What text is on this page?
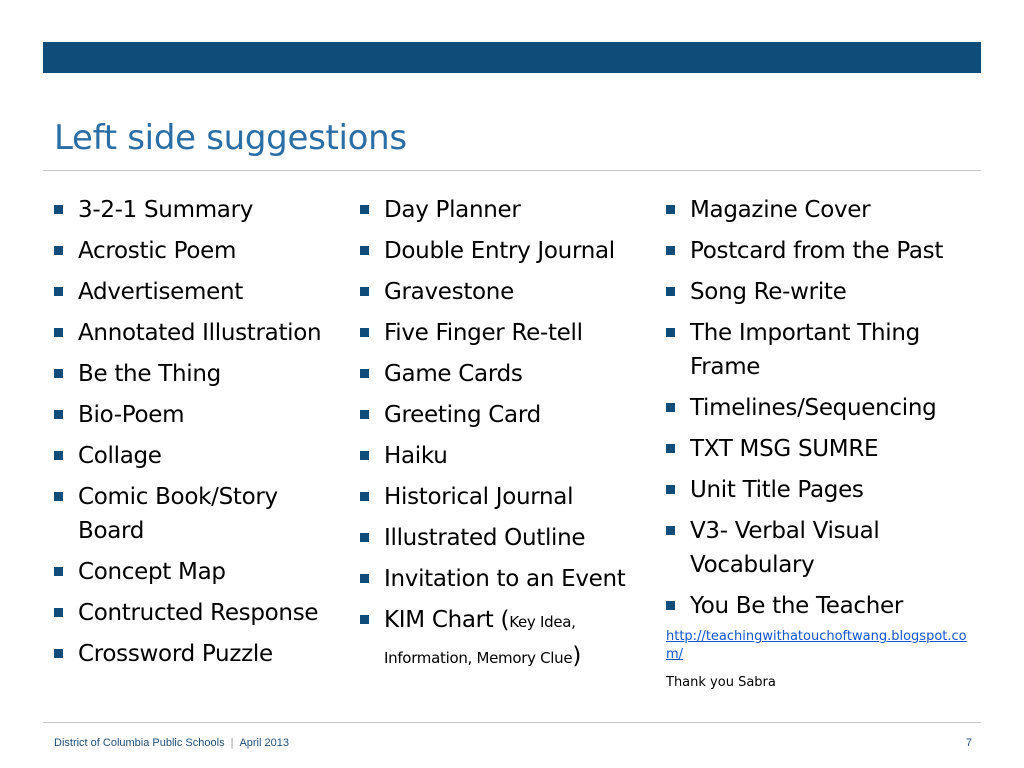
Left side suggestions
3-2-1 Summary
Acrostic Poem
Advertisement
Annotated Illustration
Be the Thing
Bio-Poem
Collage
Comic Book/Story Board
Concept Map
Contructed Response
Crossword Puzzle
Day Planner
Double Entry Journal
Gravestone
Five Finger Re-tell
Game Cards
Greeting Card
Haiku
Historical Journal
Illustrated Outline
Invitation to an Event
KIM Chart (Key Idea, Information, Memory Clue)
Magazine Cover
Postcard from the Past
Song Re-write
The Important Thing Frame
Timelines/Sequencing
TXT MSG SUMRE
Unit Title Pages
V3- Verbal Visual Vocabulary
You Be the Teacher
http://teachingwithatouchoftwang.blogspot.com/
Thank you Sabra
District of Columbia Public Schools | April 2013	7
